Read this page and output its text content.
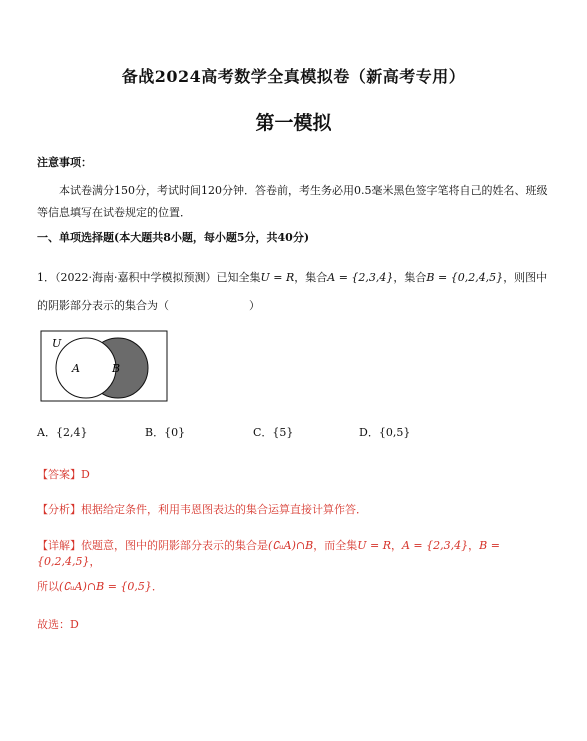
备战2024高考数学全真模拟卷（新高考专用）
第一模拟
注意事项：
本试卷满分150分，考试时间120分钟．答卷前，考生务必用0.5毫米黑色签字笔将自己的姓名、班级等信息填写在试卷规定的位置．
一、单项选择题(本大题共8小题，每小题5分，共40分)
1．（2022·海南·嘉积中学模拟预测）已知全集U = R，集合A = {2,3,4}，集合B = {0,2,4,5}，则图中的阴影部分表示的集合为（	）
U
A	B
A．{2,4}	B．{0}	C．{5}	D．{0,5}
【答案】D
【分析】根据给定条件，利用韦恩图表达的集合运算直接计算作答．
【详解】依题意，图中的阴影部分表示的集合是(∁ᵤA)∩B，而全集U = R，A = {2,3,4}，B = {0,2,4,5}，
所以(∁ᵤA)∩B = {0,5}．
故选：D
